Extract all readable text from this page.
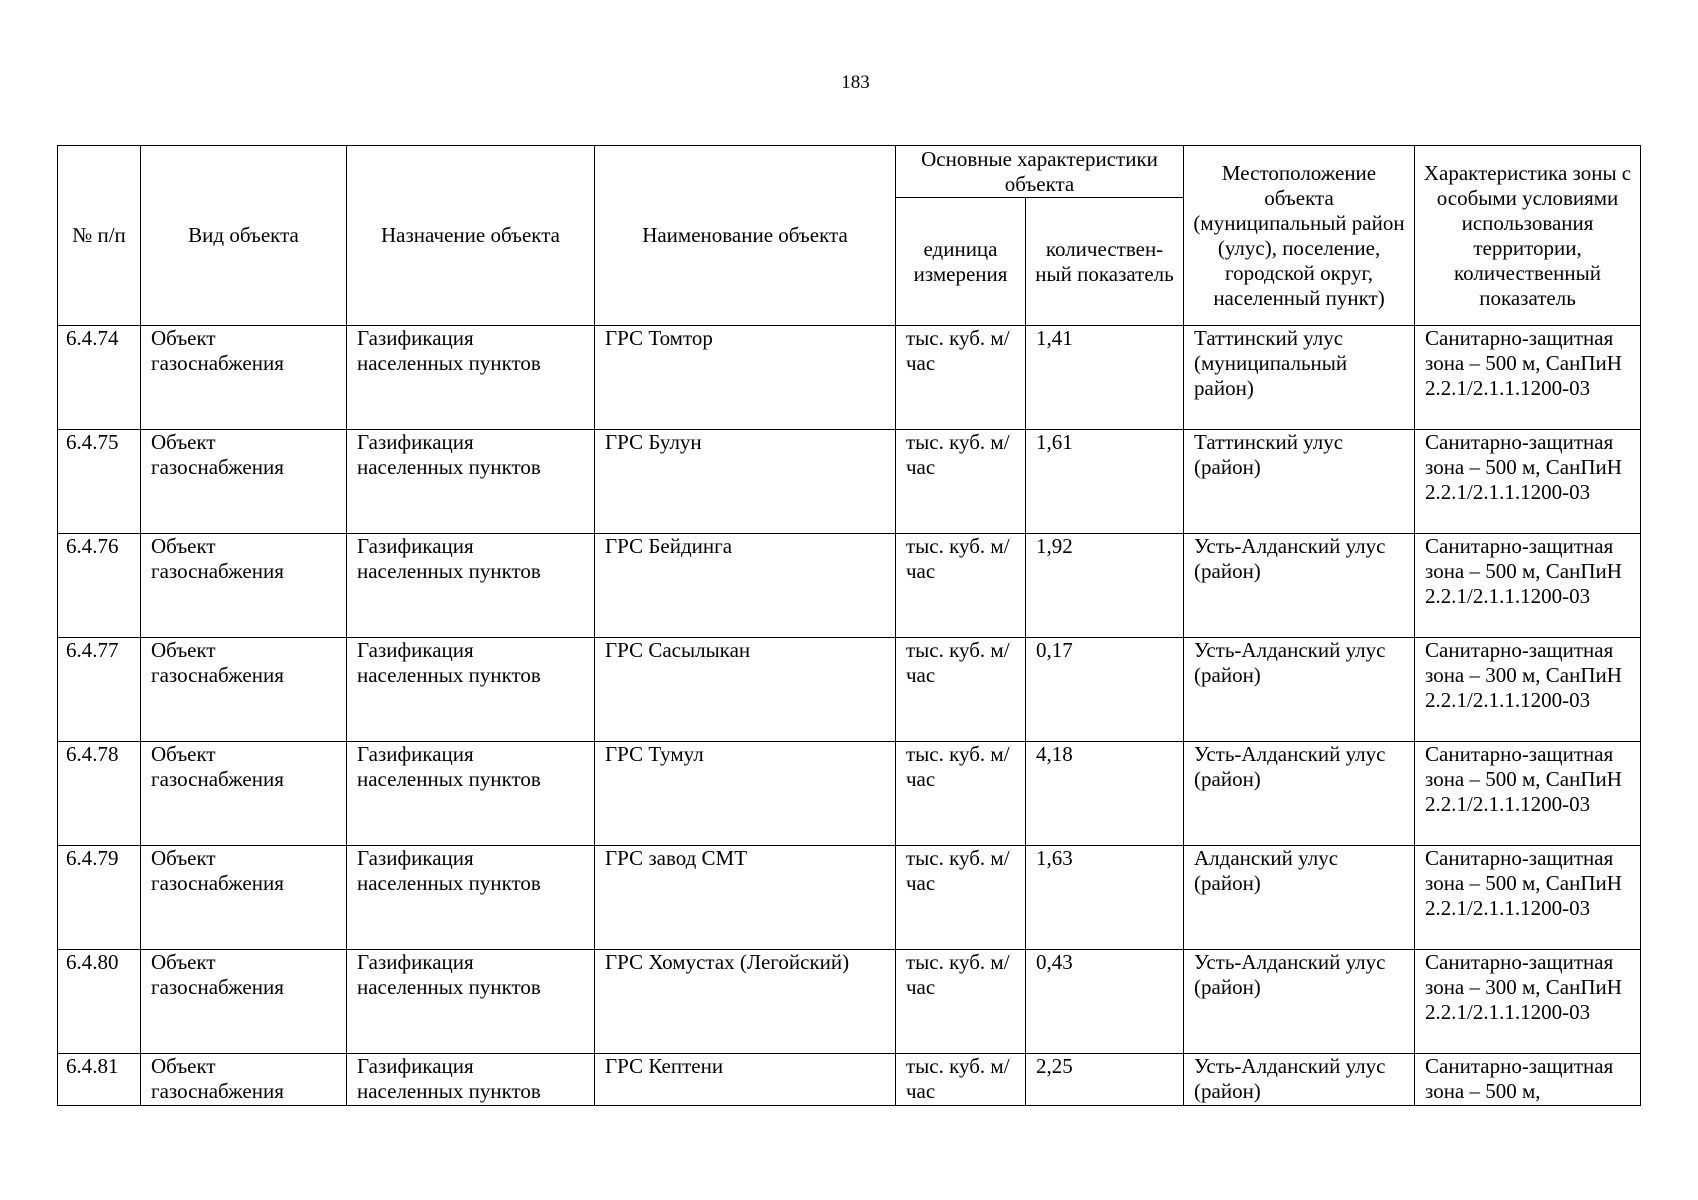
183
№ п/п	Вид объекта	Назначение объекта	Наименование объекта	Основные характеристики объекта		Местоположение объекта (муниципальный район (улус), поселение, городской округ, населенный пункт)	Характеристика зоны с особыми условиями использования территории, количественный показатель
				единица измерения	количествен-ный показатель		
6.4.74	Объект газоснабжения	Газификация населенных пунктов	ГРС Томтор	тыс. куб. м/час	1,41	Таттинский улус (муниципальный район)	Санитарно-защитная зона – 500 м, СанПиН 2.2.1/2.1.1.1200-03
6.4.75	Объект газоснабжения	Газификация населенных пунктов	ГРС Булун	тыс. куб. м/час	1,61	Таттинский улус (район)	Санитарно-защитная зона – 500 м, СанПиН 2.2.1/2.1.1.1200-03
6.4.76	Объект газоснабжения	Газификация населенных пунктов	ГРС Бейдинга	тыс. куб. м/час	1,92	Усть-Алданский улус (район)	Санитарно-защитная зона – 500 м, СанПиН 2.2.1/2.1.1.1200-03
6.4.77	Объект газоснабжения	Газификация населенных пунктов	ГРС Сасылыкан	тыс. куб. м/час	0,17	Усть-Алданский улус (район)	Санитарно-защитная зона – 300 м, СанПиН 2.2.1/2.1.1.1200-03
6.4.78	Объект газоснабжения	Газификация населенных пунктов	ГРС Тумул	тыс. куб. м/час	4,18	Усть-Алданский улус (район)	Санитарно-защитная зона – 500 м, СанПиН 2.2.1/2.1.1.1200-03
6.4.79	Объект газоснабжения	Газификация населенных пунктов	ГРС завод СМТ	тыс. куб. м/час	1,63	Алданский улус (район)	Санитарно-защитная зона – 500 м, СанПиН 2.2.1/2.1.1.1200-03
6.4.80	Объект газоснабжения	Газификация населенных пунктов	ГРС Хомустах (Легойский)	тыс. куб. м/час	0,43	Усть-Алданский улус (район)	Санитарно-защитная зона – 300 м, СанПиН 2.2.1/2.1.1.1200-03
6.4.81	Объект газоснабжения	Газификация населенных пунктов	ГРС Кептени	тыс. куб. м/час	2,25	Усть-Алданский улус (район)	Санитарно-защитная зона – 500 м,
